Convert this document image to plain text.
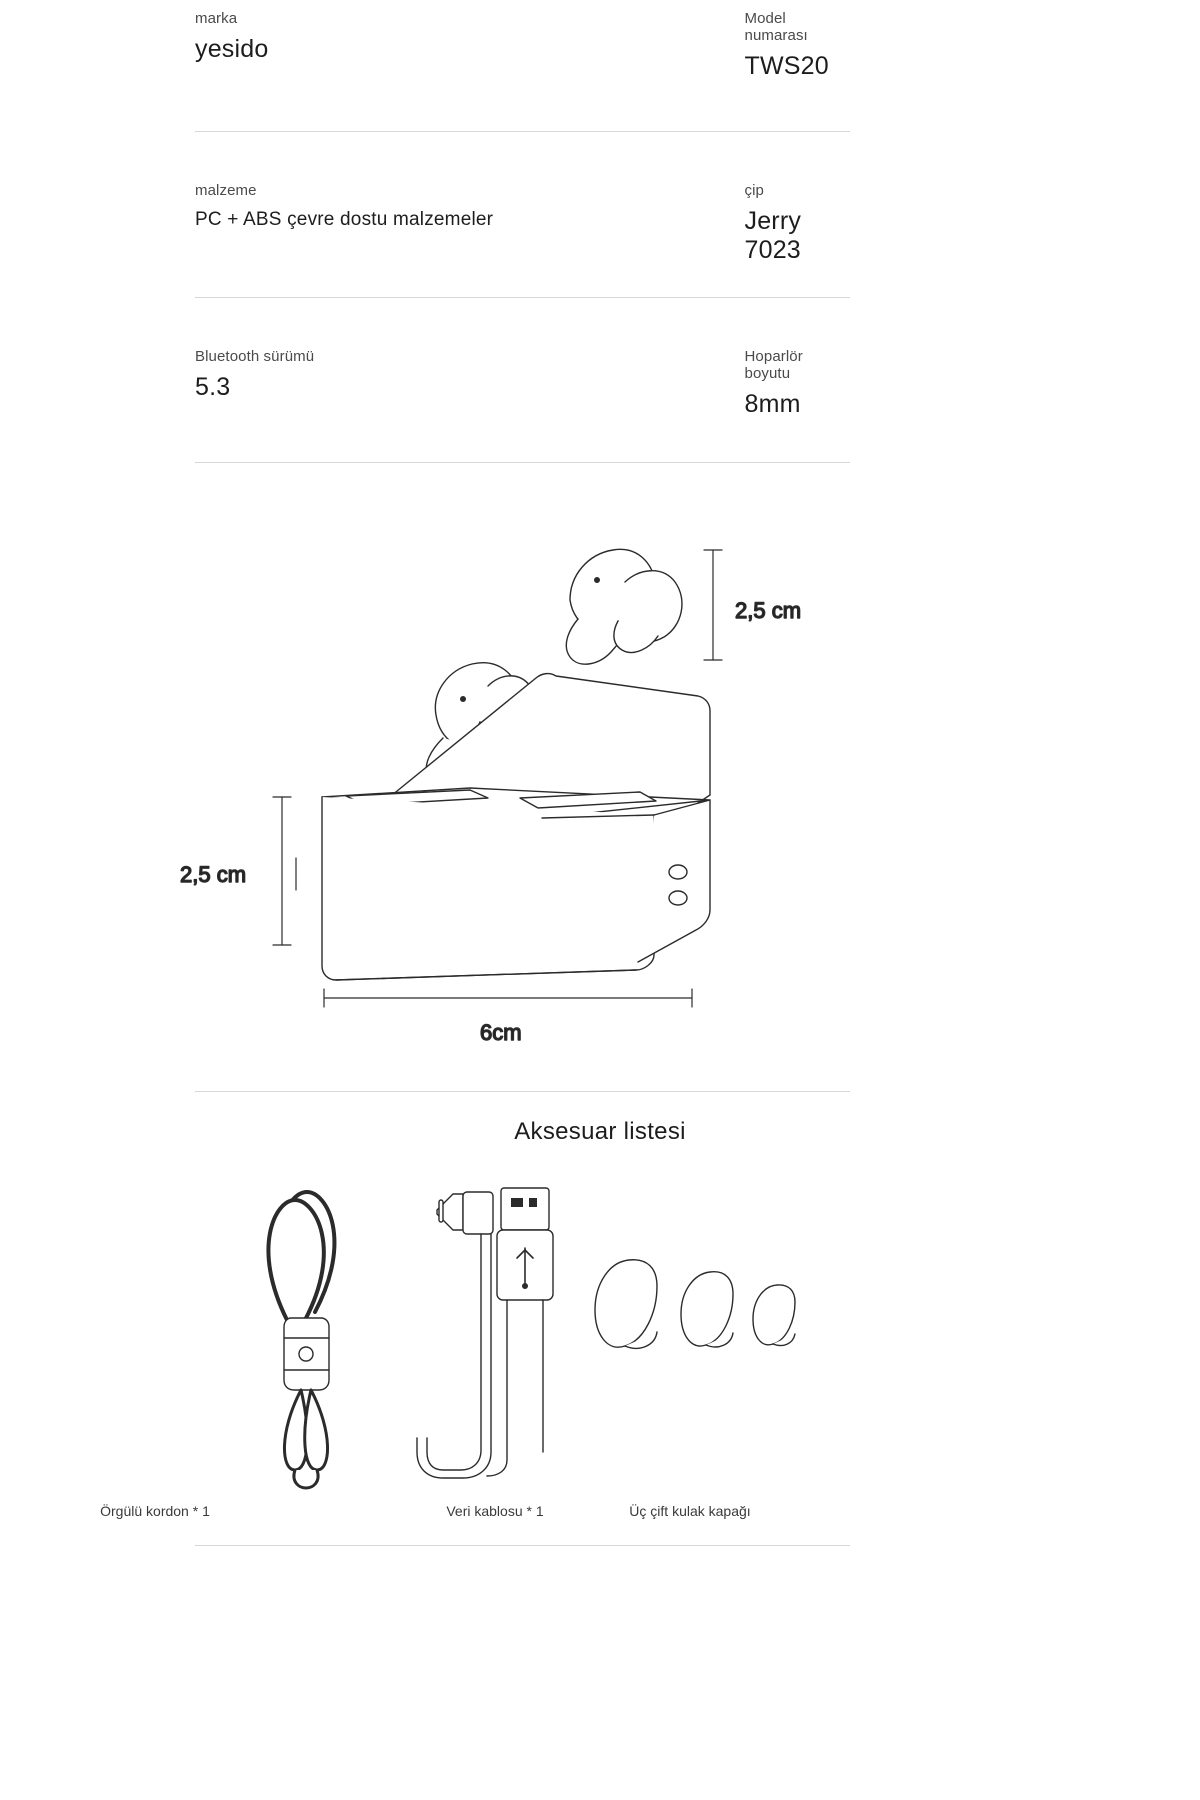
marka
yesido
Model numarası
TWS20
malzeme
PC + ABS çevre dostu malzemeler
çip
Jerry 7023
Bluetooth sürümü
5.3
Hoparlör boyutu
8mm
2,5 cm
2,5 cm
6cm
Aksesuar listesi
Örgülü kordon * 1	Veri kablosu * 1	Üç çift kulak kapağı
